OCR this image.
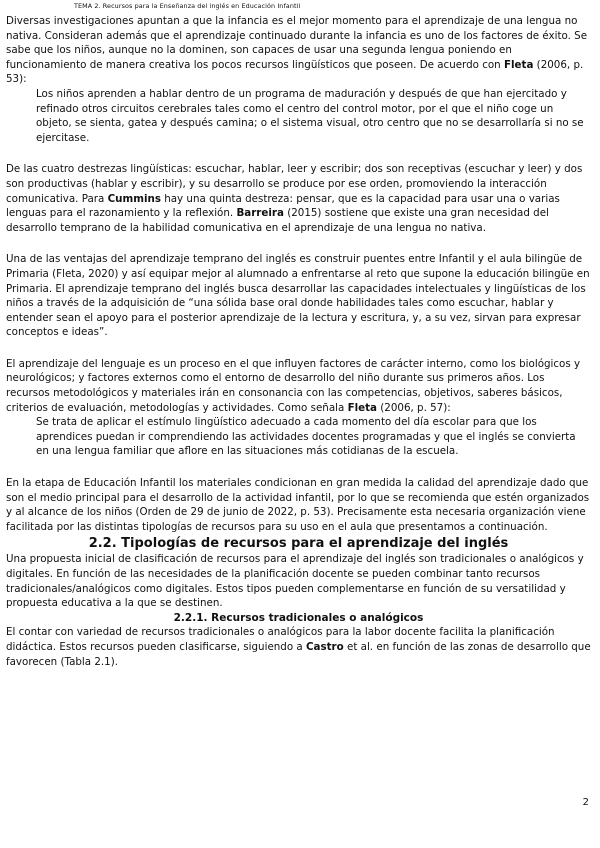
TEMA 2. Recursos para la Enseñanza del inglés en Educación Infantil

Diversas investigaciones apuntan a que la infancia es el mejor momento para el aprendizaje de una lengua no nativa. Consideran además que el aprendizaje continuado durante la infancia es uno de los factores de éxito. Se sabe que los niños, aunque no la dominen, son capaces de usar una segunda lengua poniendo en funcionamiento de manera creativa los pocos recursos lingüísticos que poseen. De acuerdo con Fleta (2006, p. 53):

Los niños aprenden a hablar dentro de un programa de maduración y después de que han ejercitado y refinado otros circuitos cerebrales tales como el centro del control motor, por el que el niño coge un objeto, se sienta, gatea y después camina; o el sistema visual, otro centro que no se desarrollaría si no se ejercitase.

De las cuatro destrezas lingüísticas: escuchar, hablar, leer y escribir; dos son receptivas (escuchar y leer) y dos son productivas (hablar y escribir), y su desarrollo se produce por ese orden, promoviendo la interacción comunicativa. Para Cummins hay una quinta destreza: pensar, que es la capacidad para usar una o varias lenguas para el razonamiento y la reflexión. Barreira (2015) sostiene que existe una gran necesidad del desarrollo temprano de la habilidad comunicativa en el aprendizaje de una lengua no nativa.

Una de las ventajas del aprendizaje temprano del inglés es construir puentes entre Infantil y el aula bilingüe de Primaria (Fleta, 2020) y así equipar mejor al alumnado a enfrentarse al reto que supone la educación bilingüe en Primaria. El aprendizaje temprano del inglés busca desarrollar las capacidades intelectuales y lingüísticas de los niños a través de la adquisición de “una sólida base oral donde habilidades tales como escuchar, hablar y entender sean el apoyo para el posterior aprendizaje de la lectura y escritura, y, a su vez, sirvan para expresar conceptos e ideas”.

El aprendizaje del lenguaje es un proceso en el que influyen factores de carácter interno, como los biológicos y neurológicos; y factores externos como el entorno de desarrollo del niño durante sus primeros años. Los recursos metodológicos y materiales irán en consonancia con las competencias, objetivos, saberes básicos, criterios de evaluación, metodologías y actividades. Como señala Fleta (2006, p. 57):

Se trata de aplicar el estímulo lingüístico adecuado a cada momento del día escolar para que los aprendices puedan ir comprendiendo las actividades docentes programadas y que el inglés se convierta en una lengua familiar que aflore en las situaciones más cotidianas de la escuela.

En la etapa de Educación Infantil los materiales condicionan en gran medida la calidad del aprendizaje dado que son el medio principal para el desarrollo de la actividad infantil, por lo que se recomienda que estén organizados y al alcance de los niños (Orden de 29 de junio de 2022, p. 53). Precisamente esta necesaria organización viene facilitada por las distintas tipologías de recursos para su uso en el aula que presentamos a continuación.

2.2. Tipologías de recursos para el aprendizaje del inglés

Una propuesta inicial de clasificación de recursos para el aprendizaje del inglés son tradicionales o analógicos y digitales. En función de las necesidades de la planificación docente se pueden combinar tanto recursos tradicionales/analógicos como digitales. Estos tipos pueden complementarse en función de su versatilidad y propuesta educativa a la que se destinen.

2.2.1. Recursos tradicionales o analógicos

El contar con variedad de recursos tradicionales o analógicos para la labor docente facilita la planificación didáctica. Estos recursos pueden clasificarse, siguiendo a Castro et al. en función de las zonas de desarrollo que favorecen (Tabla 2.1).

2
